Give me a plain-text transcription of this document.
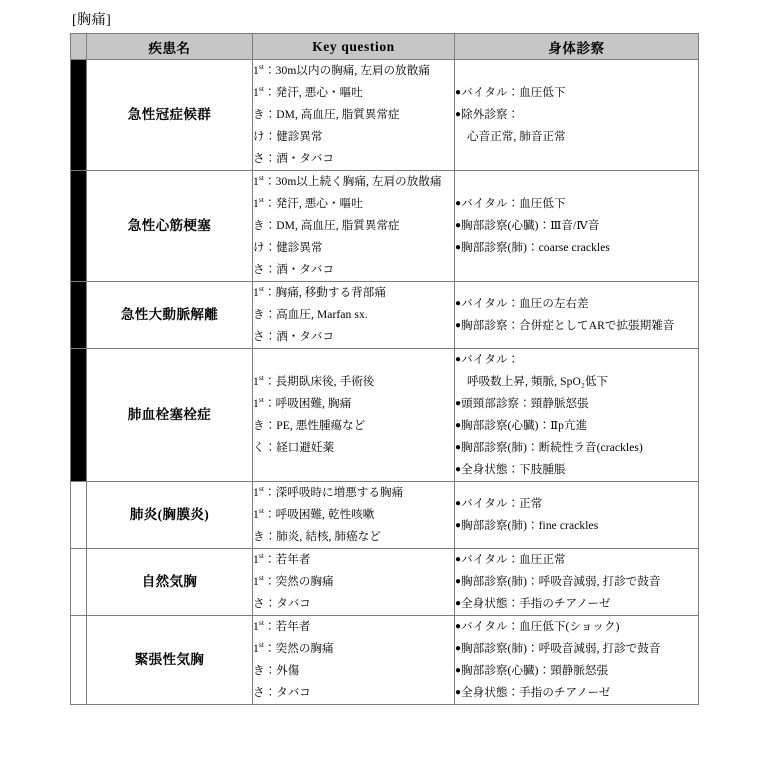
[胸痛]
	疾患名	Key question	身体診察
	急性冠症候群	
1st：30m以内の胸痛, 左肩の放散痛
1st：発汗, 悪心・嘔吐
き：DM, 高血圧, 脂質異常症
け：健診異常
さ：酒・タバコ

●バイタル：血圧低下
●除外診察：
心音正常, 肺音正常

	急性心筋梗塞	
1st：30m以上続く胸痛, 左肩の放散痛
1st：発汗, 悪心・嘔吐
き：DM, 高血圧, 脂質異常症
け：健診異常
さ：酒・タバコ

●バイタル：血圧低下
●胸部診察(心臓)：Ⅲ音/Ⅳ音
●胸部診察(肺)：coarse crackles

	急性大動脈解離	
1st：胸痛, 移動する背部痛
き：高血圧, Marfan sx.
さ：酒・タバコ

●バイタル：血圧の左右差
●胸部診察：合併症としてARで拡張期雑音

	肺血栓塞栓症	
1st：長期臥床後, 手術後
1st：呼吸困難, 胸痛
き：PE, 悪性腫瘍など
く：経口避妊薬

●バイタル：
呼吸数上昇, 頻脈, SpO₂低下
●頭頸部診察：頸静脈怒張
●胸部診察(心臓)：Ⅱp亢進
●胸部診察(肺)：断続性ラ音(crackles)
●全身状態：下肢腫脹

	肺炎(胸膜炎)	
1st：深呼吸時に増悪する胸痛
1st：呼吸困難, 乾性咳嗽
き：肺炎, 結核, 肺癌など

●バイタル：正常
●胸部診察(肺)：fine crackles

	自然気胸	
1st：若年者
1st：突然の胸痛
さ：タバコ

●バイタル：血圧正常
●胸部診察(肺)：呼吸音減弱, 打診で鼓音
●全身状態：手指のチアノーゼ

	緊張性気胸	
1st：若年者
1st：突然の胸痛
き：外傷
さ：タバコ

●バイタル：血圧低下(ショック)
●胸部診察(肺)：呼吸音減弱, 打診で鼓音
●胸部診察(心臓)：頸静脈怒張
●全身状態：手指のチアノーゼ
